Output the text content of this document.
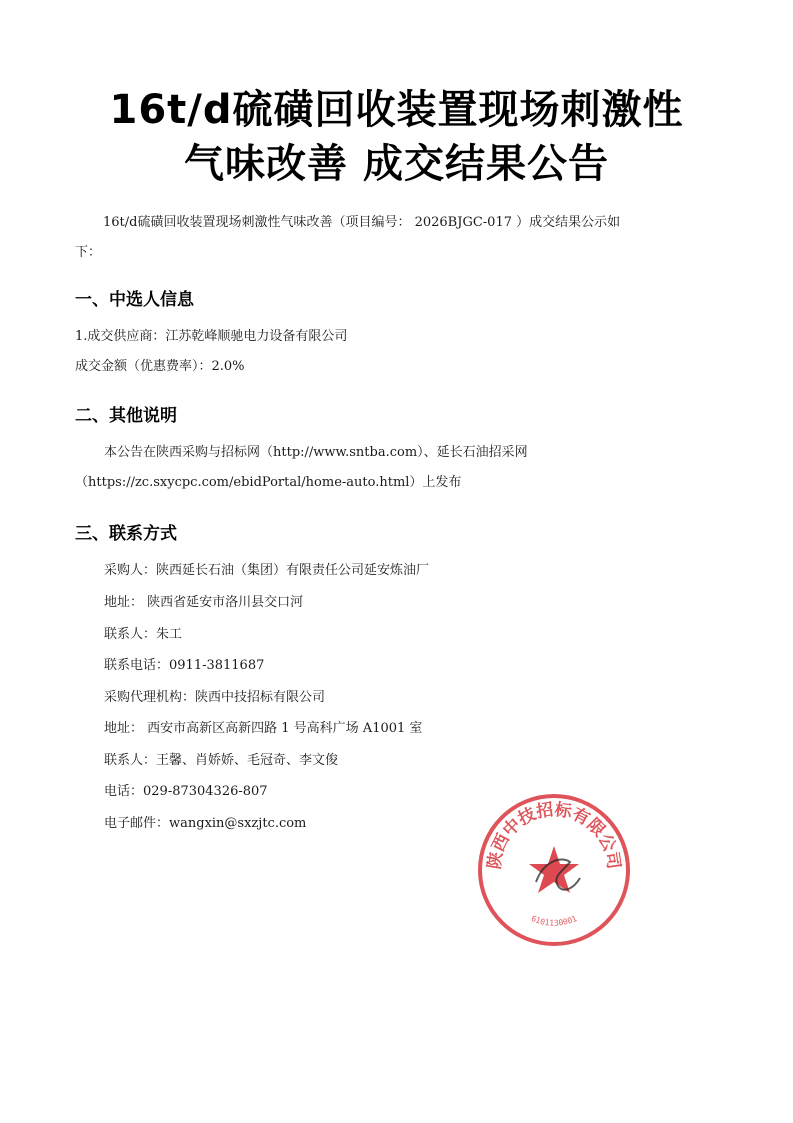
16t/d硫磺回收装置现场刺激性
气味改善 成交结果公告

16t/d硫磺回收装置现场刺激性气味改善（项目编号： 2026BJGC-017 ）成交结果公示如

下：

一、中选人信息

1.成交供应商：江苏乾峰顺驰电力设备有限公司

成交金额（优惠费率）：2.0%

二、其他说明

本公告在陕西采购与招标网（http://www.sntba.com）、延长石油招采网

（https://zc.sxycpc.com/ebidPortal/home-auto.html）上发布

三、联系方式

采购人：陕西延长石油（集团）有限责任公司延安炼油厂

地址： 陕西省延安市洛川县交口河

联系人：朱工

联系电话：0911-3811687

采购代理机构：陕西中技招标有限公司

地址： 西安市高新区高新四路 1 号高科广场 A1001 室

联系人：王馨、肖娇娇、毛冠奇、李文俊

电话：029-87304326-807

电子邮件：wangxin@sxzjtc.com

陕西中技招标有限公司
6101130001
